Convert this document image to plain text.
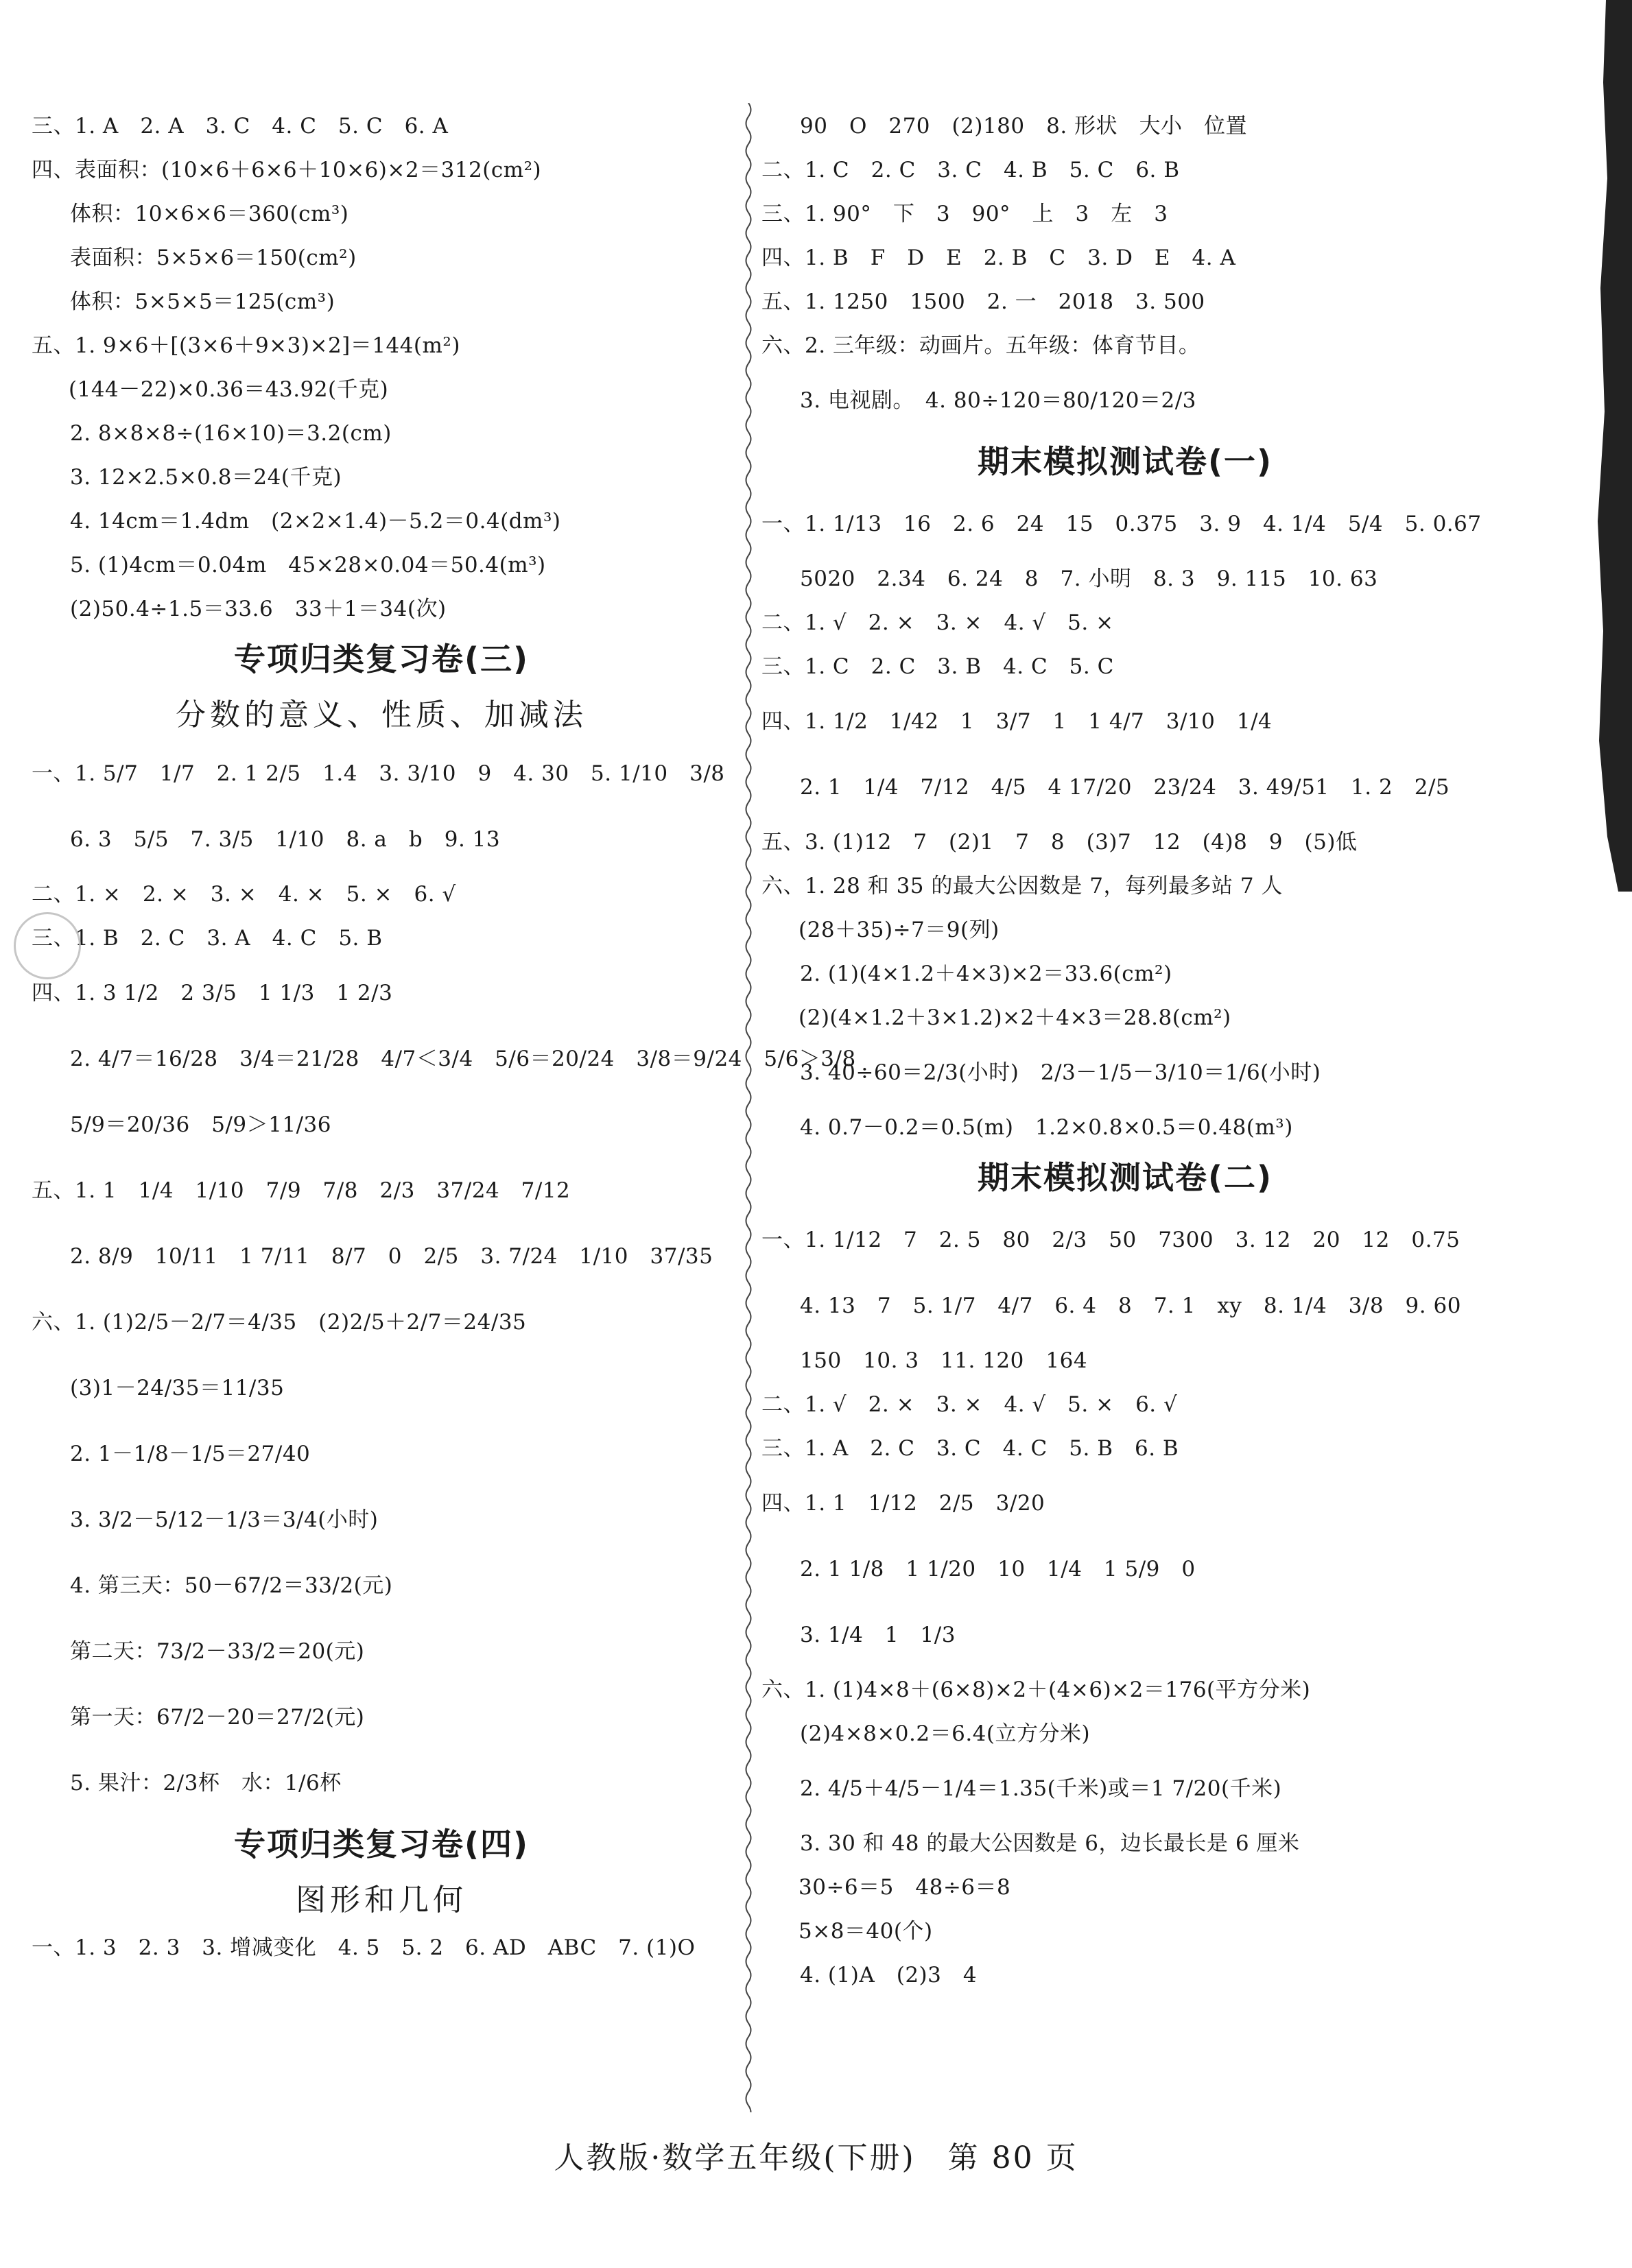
三、1. A　2. A　3. C　4. C　5. C　6. A
四、表面积：(10×6＋6×6＋10×6)×2＝312(cm²)
体积：10×6×6＝360(cm³)
表面积：5×5×6＝150(cm²)
体积：5×5×5＝125(cm³)
五、1. 9×6＋[(3×6＋9×3)×2]＝144(m²)
(144－22)×0.36＝43.92(千克)
2. 8×8×8÷(16×10)＝3.2(cm)
3. 12×2.5×0.8＝24(千克)
4. 14cm＝1.4dm　(2×2×1.4)－5.2＝0.4(dm³)
5. (1)4cm＝0.04m　45×28×0.04＝50.4(m³)
(2)50.4÷1.5＝33.6　33＋1＝34(次)
专项归类复习卷(三)
分数的意义、性质、加减法
一、1. 5/7　1/7　2. 1 2/5　1.4　3. 3/10　9　4. 30　5. 1/10　3/8
6. 3　5/5　7. 3/5　1/10　8. a　b　9. 13
二、1. ×　2. ×　3. ×　4. ×　5. ×　6. √
三、1. B　2. C　3. A　4. C　5. B
四、1. 3 1/2　2 3/5　1 1/3　1 2/3
2. 4/7＝16/28　3/4＝21/28　4/7＜3/4　5/6＝20/24　3/8＝9/24　5/6＞3/8
5/9＝20/36　5/9＞11/36
五、1. 1　1/4　1/10　7/9　7/8　2/3　37/24　7/12
2. 8/9　10/11　1 7/11　8/7　0　2/5　3. 7/24　1/10　37/35
六、1. (1)2/5－2/7＝4/35　(2)2/5＋2/7＝24/35
(3)1－24/35＝11/35
2. 1－1/8－1/5＝27/40
3. 3/2－5/12－1/3＝3/4(小时)
4. 第三天：50－67/2＝33/2(元)
第二天：73/2－33/2＝20(元)
第一天：67/2－20＝27/2(元)
5. 果汁：2/3杯　水：1/6杯
专项归类复习卷(四)
图形和几何
一、1. 3　2. 3　3. 增减变化　4. 5　5. 2　6. AD　ABC　7. (1)O
90　O　270　(2)180　8. 形状　大小　位置
二、1. C　2. C　3. C　4. B　5. C　6. B
三、1. 90°　下　3　90°　上　3　左　3
四、1. B　F　D　E　2. B　C　3. D　E　4. A
五、1. 1250　1500　2. 一　2018　3. 500
六、2. 三年级：动画片。五年级：体育节目。
3. 电视剧。　4. 80÷120＝80/120＝2/3
期末模拟测试卷(一)
一、1. 1/13　16　2. 6　24　15　0.375　3. 9　4. 1/4　5/4　5. 0.67
5020　2.34　6. 24　8　7. 小明　8. 3　9. 115　10. 63
二、1. √　2. ×　3. ×　4. √　5. ×
三、1. C　2. C　3. B　4. C　5. C
四、1. 1/2　1/42　1　3/7　1　1 4/7　3/10　1/4
2. 1　1/4　7/12　4/5　4 17/20　23/24　3. 49/51　1. 2　2/5
五、3. (1)12　7　(2)1　7　8　(3)7　12　(4)8　9　(5)低
六、1. 28 和 35 的最大公因数是 7，每列最多站 7 人
(28＋35)÷7＝9(列)
2. (1)(4×1.2＋4×3)×2＝33.6(cm²)
(2)(4×1.2＋3×1.2)×2＋4×3＝28.8(cm²)
3. 40÷60＝2/3(小时)　2/3－1/5－3/10＝1/6(小时)
4. 0.7－0.2＝0.5(m)　1.2×0.8×0.5＝0.48(m³)
期末模拟测试卷(二)
一、1. 1/12　7　2. 5　80　2/3　50　7300　3. 12　20　12　0.75
4. 13　7　5. 1/7　4/7　6. 4　8　7. 1　xy　8. 1/4　3/8　9. 60
150　10. 3　11. 120　164
二、1. √　2. ×　3. ×　4. √　5. ×　6. √
三、1. A　2. C　3. C　4. C　5. B　6. B
四、1. 1　1/12　2/5　3/20
2. 1 1/8　1 1/20　10　1/4　1 5/9　0
3. 1/4　1　1/3
六、1. (1)4×8＋(6×8)×2＋(4×6)×2＝176(平方分米)
(2)4×8×0.2＝6.4(立方分米)
2. 4/5＋4/5－1/4＝1.35(千米)或＝1 7/20(千米)
3. 30 和 48 的最大公因数是 6，边长最长是 6 厘米
30÷6＝5　48÷6＝8
5×8＝40(个)
4. (1)A　(2)3　4
人教版·数学五年级(下册)　第 80 页
